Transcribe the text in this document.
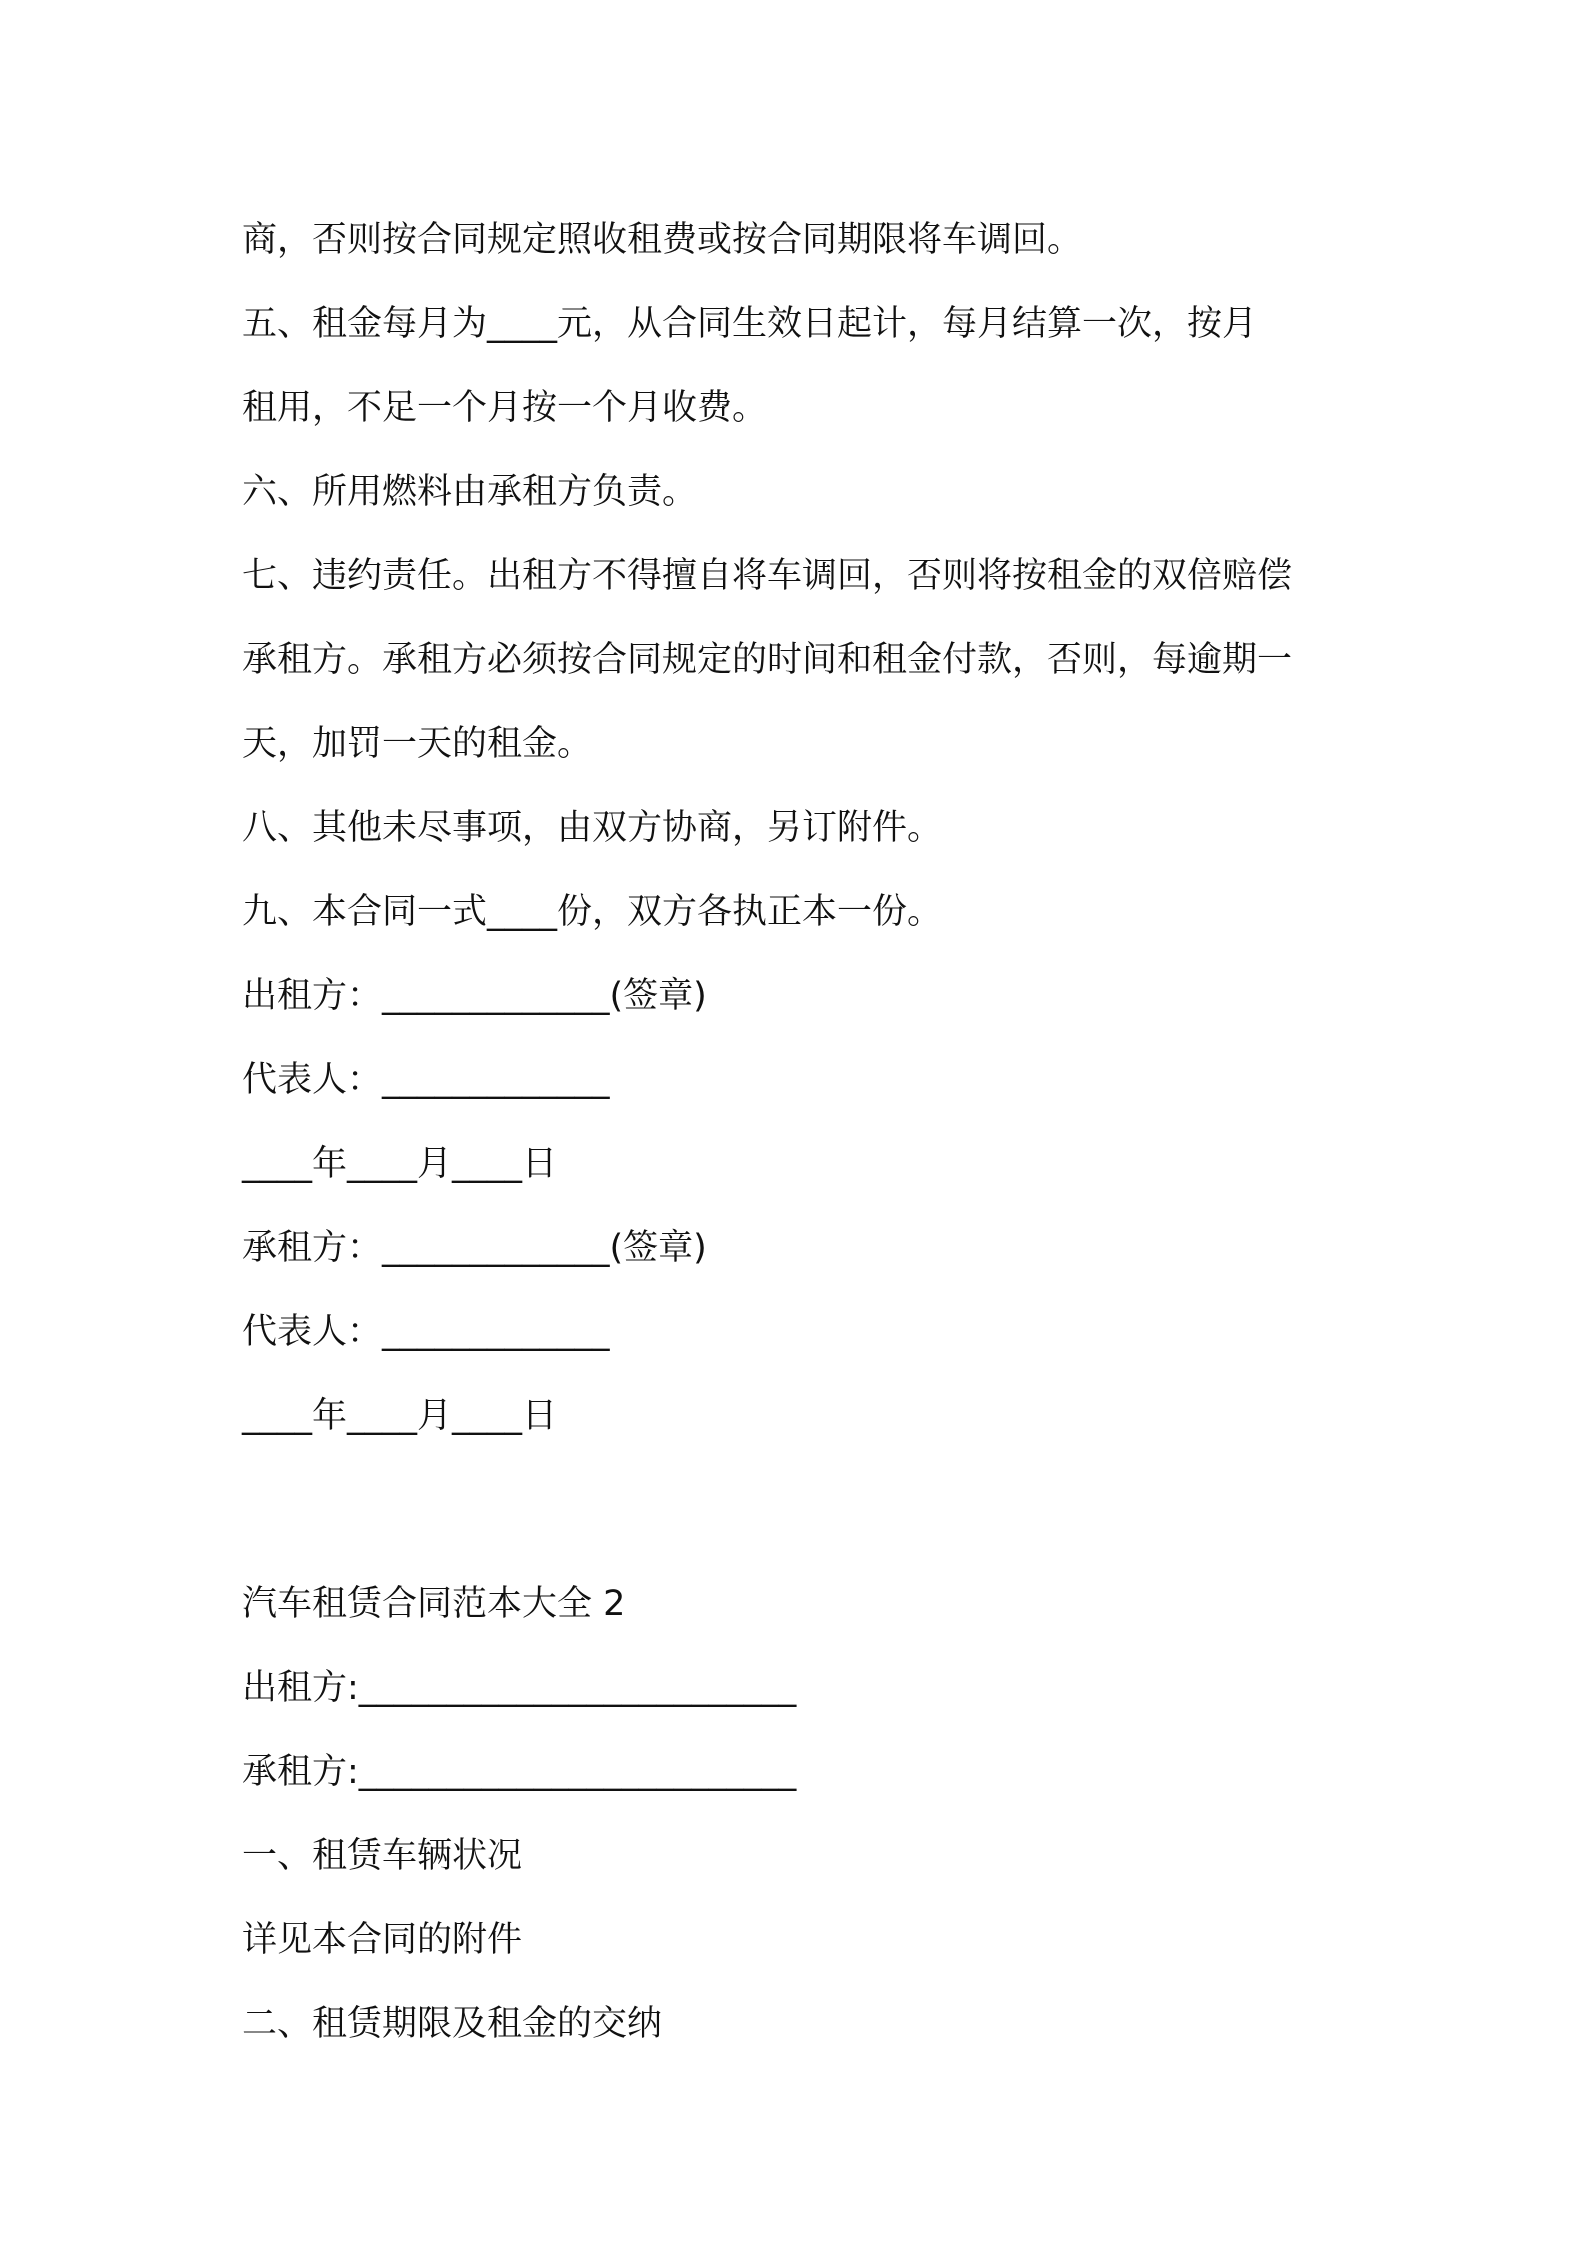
商，否则按合同规定照收租费或按合同期限将车调回。

五、租金每月为____元，从合同生效日起计，每月结算一次，按月

租用，不足一个月按一个月收费。

六、所用燃料由承租方负责。

七、违约责任。出租方不得擅自将车调回，否则将按租金的双倍赔偿

承租方。承租方必须按合同规定的时间和租金付款，否则，每逾期一

天，加罚一天的租金。

八、其他未尽事项，由双方协商，另订附件。

九、本合同一式____份，双方各执正本一份。

出租方：_____________(签章)

代表人：_____________

____年____月____日

承租方：_____________(签章)

代表人：_____________

____年____月____日

汽车租赁合同范本大全 2

出租方:_________________________

承租方:_________________________

一、租赁车辆状况

详见本合同的附件

二、租赁期限及租金的交纳
